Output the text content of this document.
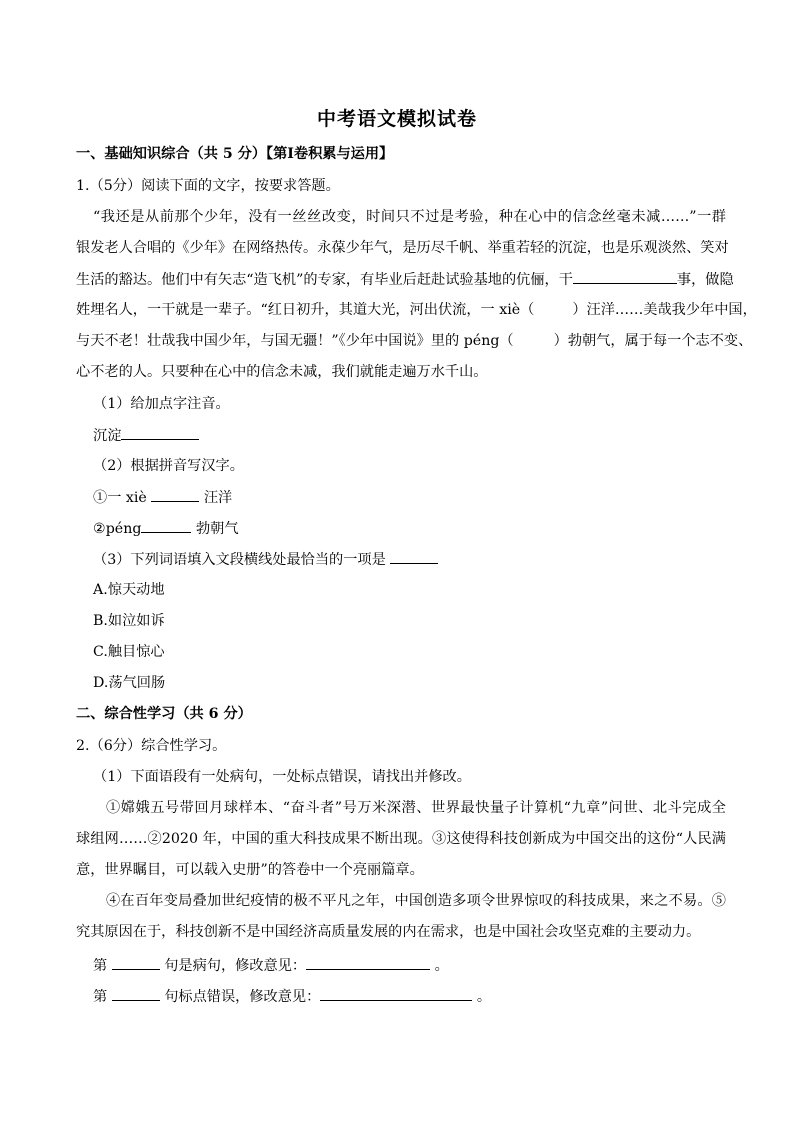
中考语文模拟试卷
一、基础知识综合（共 5 分）【第Ⅰ卷积累与运用】
1.（5分）阅读下面的文字，按要求答题。
“我还是从前那个少年，没有一丝丝改变，时间只不过是考验，种在心中的信念丝毫未减……”一群
银发老人合唱的《少年》在网络热传。永葆少年气，是历尽千帆、举重若轻的沉淀，也是乐观淡然、笑对
生活的豁达。他们中有矢志“造飞机”的专家，有毕业后赶赴试验基地的伉俪，干	事，做隐
姓埋名人，一干就是一辈子。“红日初升，其道大光，河出伏流，一 xiè（	）汪洋……美哉我少年中国，
与天不老！壮哉我中国少年，与国无疆！”《少年中国说》里的 péng（	）勃朝气，属于每一个志不变、
心不老的人。只要种在心中的信念未减，我们就能走遍万水千山。
（1）给加点字注音。
沉淀
（2）根据拼音写汉字。
①一 xiè	汪洋
②péng	勃朝气
（3）下列词语填入文段横线处最恰当的一项是
A.惊天动地
B.如泣如诉
C.触目惊心
D.荡气回肠
二、综合性学习（共 6 分）
2.（6分）综合性学习。
（1）下面语段有一处病句，一处标点错误，请找出并修改。
①嫦娥五号带回月球样本、“奋斗者”号万米深潜、世界最快量子计算机“九章”问世、北斗完成全
球组网……②2020 年，中国的重大科技成果不断出现。③这使得科技创新成为中国交出的这份“人民满
意，世界瞩目，可以载入史册”的答卷中一个亮丽篇章。
④在百年变局叠加世纪疫情的极不平凡之年，中国创造多项令世界惊叹的科技成果，来之不易。⑤
究其原因在于，科技创新不是中国经济高质量发展的内在需求，也是中国社会攻坚克难的主要动力。
第	句是病句，修改意见：	。
第	句标点错误，修改意见：	。
